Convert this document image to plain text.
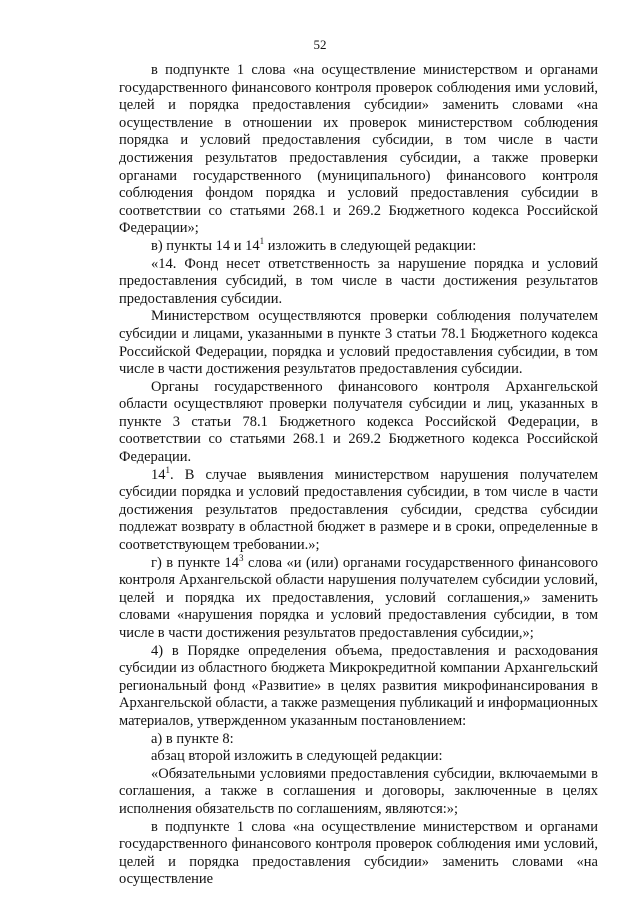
52

в подпункте 1 слова «на осуществление министерством и органами государственного финансового контроля проверок соблюдения ими условий, целей и порядка предоставления субсидии» заменить словами «на осуществление в отношении их проверок министерством соблюдения порядка и условий предоставления субсидии, в том числе в части достижения результатов предоставления субсидии, а также проверки органами государственного (муниципального) финансового контроля соблюдения фондом порядка и условий предоставления субсидии в соответствии со статьями 268.1 и 269.2 Бюджетного кодекса Российской Федерации»;

в) пункты 14 и $14^1$ изложить в следующей редакции:

«14. Фонд несет ответственность за нарушение порядка и условий предоставления субсидий, в том числе в части достижения результатов предоставления субсидии.

Министерством осуществляются проверки соблюдения получателем субсидии и лицами, указанными в пункте 3 статьи 78.1 Бюджетного кодекса Российской Федерации, порядка и условий предоставления субсидии, в том числе в части достижения результатов предоставления субсидии.

Органы государственного финансового контроля Архангельской области осуществляют проверки получателя субсидии и лиц, указанных в пункте 3 статьи 78.1 Бюджетного кодекса Российской Федерации, в соответствии со статьями 268.1 и 269.2 Бюджетного кодекса Российской Федерации.

$14^1$. В случае выявления министерством нарушения получателем субсидии порядка и условий предоставления субсидии, в том числе в части достижения результатов предоставления субсидии, средства субсидии подлежат возврату в областной бюджет в размере и в сроки, определенные в соответствующем требовании.»;

г) в пункте $14^3$ слова «и (или) органами государственного финансового контроля Архангельской области нарушения получателем субсидии условий, целей и порядка их предоставления, условий соглашения,» заменить словами «нарушения порядка и условий предоставления субсидии, в том числе в части достижения результатов предоставления субсидии,»;

4) в Порядке определения объема, предоставления и расходования субсидии из областного бюджета Микрокредитной компании Архангельский региональный фонд «Развитие» в целях развития микрофинансирования в Архангельской области, а также размещения публикаций и информационных материалов, утвержденном указанным постановлением:

а) в пункте 8:

абзац второй изложить в следующей редакции:

«Обязательными условиями предоставления субсидии, включаемыми в соглашения, а также в соглашения и договоры, заключенные в целях исполнения обязательств по соглашениям, являются:»;

в подпункте 1 слова «на осуществление министерством и органами государственного финансового контроля проверок соблюдения ими условий, целей и порядка предоставления субсидии» заменить словами «на осуществление
